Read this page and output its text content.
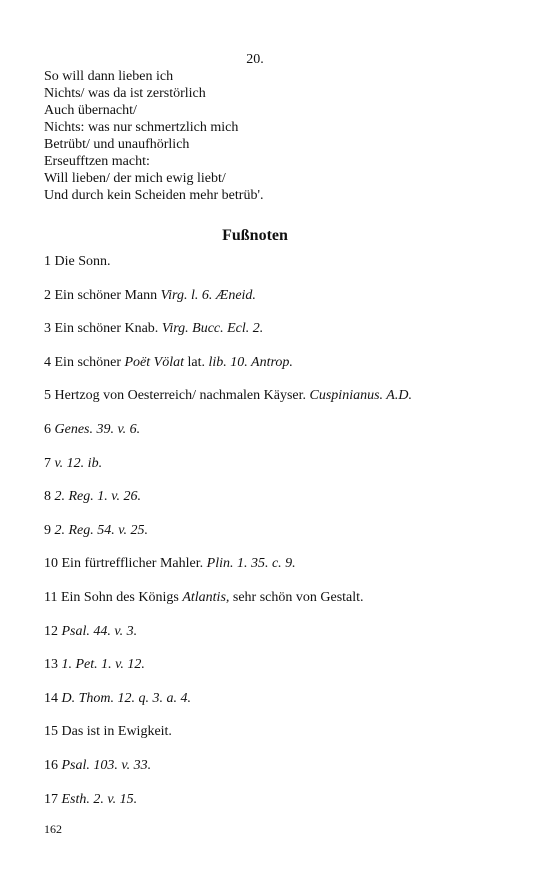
20.
So will dann lieben ich
Nichts/ was da ist zerstörlich
Auch übernacht/
Nichts: was nur schmertzlich mich
Betrübt/ und unaufhörlich
Erseufftzen macht:
Will lieben/ der mich ewig liebt/
Und durch kein Scheiden mehr betrüb'.
Fußnoten
1 Die Sonn.
2 Ein schöner Mann Virg. l. 6. Æneid.
3 Ein schöner Knab. Virg. Bucc. Ecl. 2.
4 Ein schöner Poët Völat lat. lib. 10. Antrop.
5 Hertzog von Oesterreich/ nachmalen Käyser. Cuspinianus. A.D.
6 Genes. 39. v. 6.
7 v. 12. ib.
8 2. Reg. 1. v. 26.
9 2. Reg. 54. v. 25.
10 Ein fürtrefflicher Mahler. Plin. 1. 35. c. 9.
11 Ein Sohn des Königs Atlantis, sehr schön von Gestalt.
12 Psal. 44. v. 3.
13 1. Pet. 1. v. 12.
14 D. Thom. 12. q. 3. a. 4.
15 Das ist in Ewigkeit.
16 Psal. 103. v. 33.
17 Esth. 2. v. 15.
162
